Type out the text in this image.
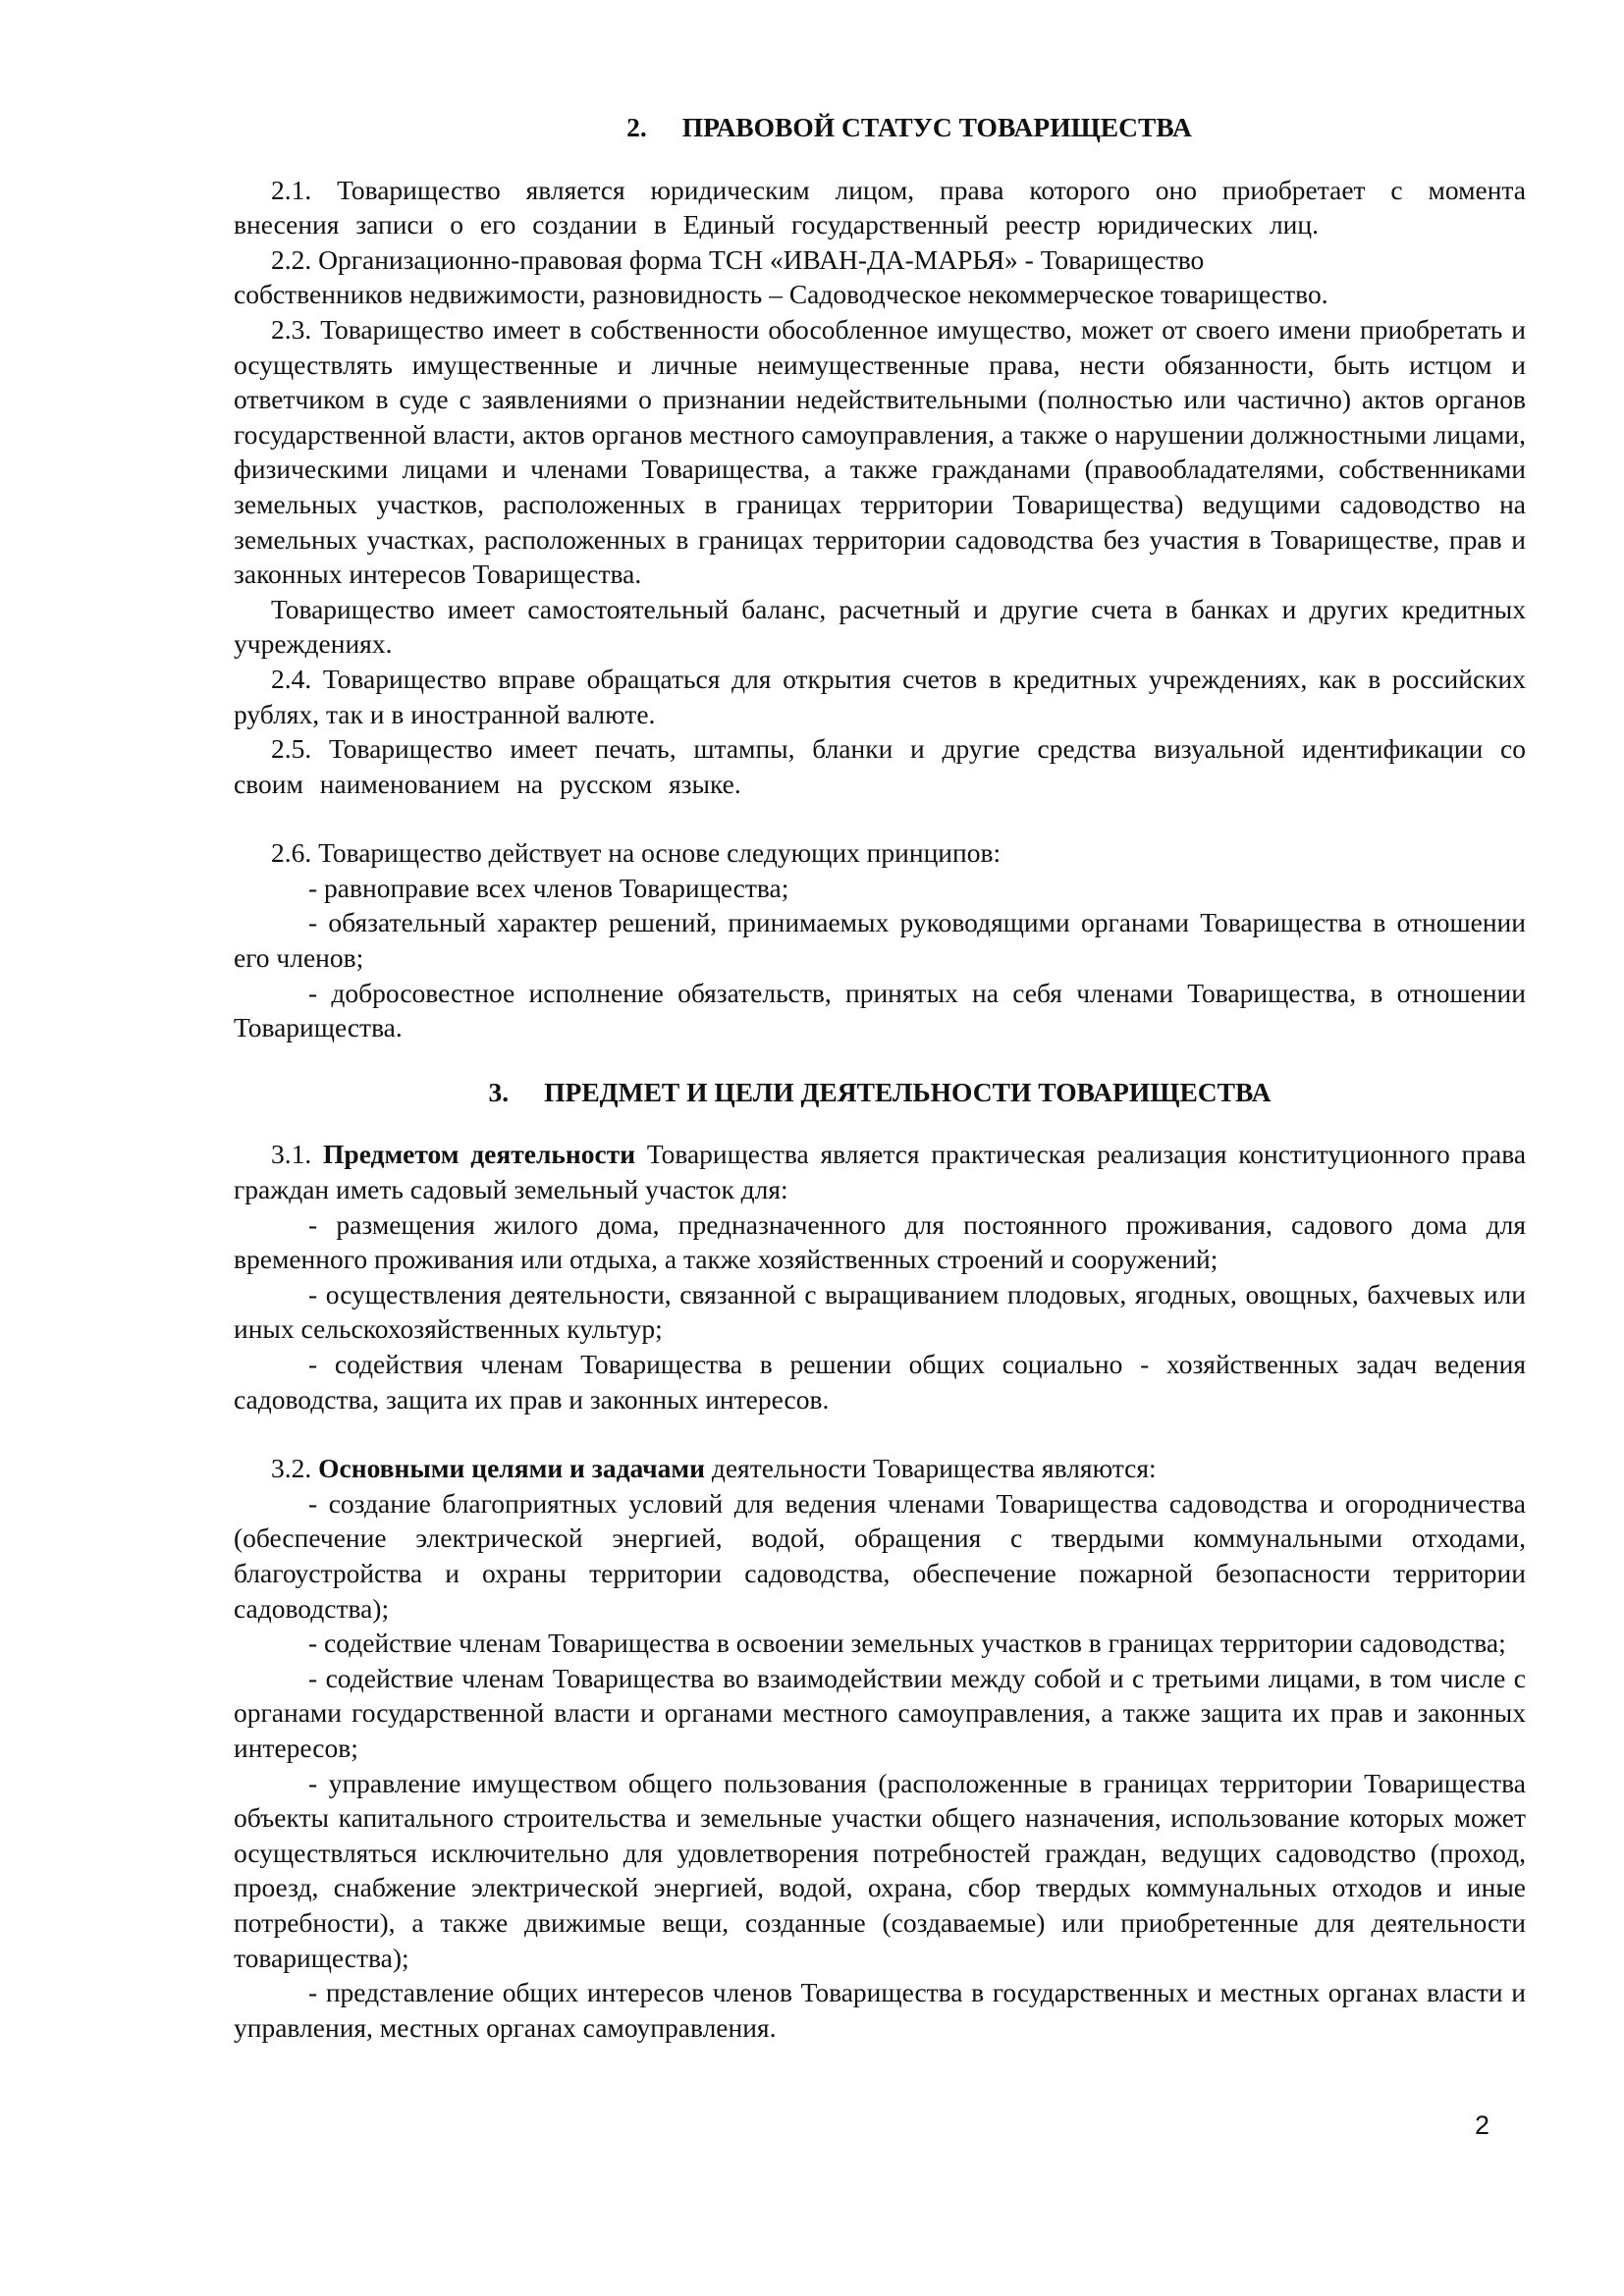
2. ПРАВОВОЙ СТАТУС ТОВАРИЩЕСТВА

2.1. Товарищество является юридическим лицом, права которого оно приобретает с момента внесения записи о его создании в Единый государственный реестр юридических лиц.

2.2. Организационно-правовая форма ТСН «ИВАН-ДА-МАРЬЯ» - Товарищество

собственников недвижимости, разновидность – Садоводческое некоммерческое товарищество.

2.3. Товарищество имеет в собственности обособленное имущество, может от своего имени приобретать и осуществлять имущественные и личные неимущественные права, нести обязанности, быть истцом и ответчиком в суде с заявлениями о признании недействительными (полностью или частично) актов органов государственной власти, актов органов местного самоуправления, а также о нарушении должностными лицами, физическими лицами и членами Товарищества, а также гражданами (правообладателями, собственниками земельных участков, расположенных в границах территории Товарищества) ведущими садоводство на земельных участках, расположенных в границах территории садоводства без участия в Товариществе, прав и законных интересов Товарищества.

Товарищество имеет самостоятельный баланс, расчетный и другие счета в банках и других кредитных учреждениях.

2.4. Товарищество вправе обращаться для открытия счетов в кредитных учреждениях, как в российских рублях, так и в иностранной валюте.

2.5. Товарищество имеет печать, штампы, бланки и другие средства визуальной идентификации со своим наименованием на русском языке.

2.6. Товарищество действует на основе следующих принципов:

- равноправие всех членов Товарищества;

- обязательный характер решений, принимаемых руководящими органами Товарищества в отношении его членов;

- добросовестное исполнение обязательств, принятых на себя членами Товарищества, в отношении Товарищества.

3. ПРЕДМЕТ И ЦЕЛИ ДЕЯТЕЛЬНОСТИ ТОВАРИЩЕСТВА

3.1. Предметом деятельности Товарищества является практическая реализация конституционного права граждан иметь садовый земельный участок для:

- размещения жилого дома, предназначенного для постоянного проживания, садового дома для временного проживания или отдыха, а также хозяйственных строений и сооружений;

- осуществления деятельности, связанной с выращиванием плодовых, ягодных, овощных, бахчевых или иных сельскохозяйственных культур;

- содействия членам Товарищества в решении общих социально - хозяйственных задач ведения садоводства, защита их прав и законных интересов.

3.2. Основными целями и задачами деятельности Товарищества являются:

- создание благоприятных условий для ведения членами Товарищества садоводства и огородничества (обеспечение электрической энергией, водой, обращения с твердыми коммунальными отходами, благоустройства и охраны территории садоводства, обеспечение пожарной безопасности территории садоводства);

- содействие членам Товарищества в освоении земельных участков в границах территории садоводства;

- содействие членам Товарищества во взаимодействии между собой и с третьими лицами, в том числе с органами государственной власти и органами местного самоуправления, а также защита их прав и законных интересов;

- управление имуществом общего пользования (расположенные в границах территории Товарищества объекты капитального строительства и земельные участки общего назначения, использование которых может осуществляться исключительно для удовлетворения потребностей граждан, ведущих садоводство (проход, проезд, снабжение электрической энергией, водой, охрана, сбор твердых коммунальных отходов и иные потребности), а также движимые вещи, созданные (создаваемые) или приобретенные для деятельности товарищества);

- представление общих интересов членов Товарищества в государственных и местных органах власти и управления, местных органах самоуправления.

2
